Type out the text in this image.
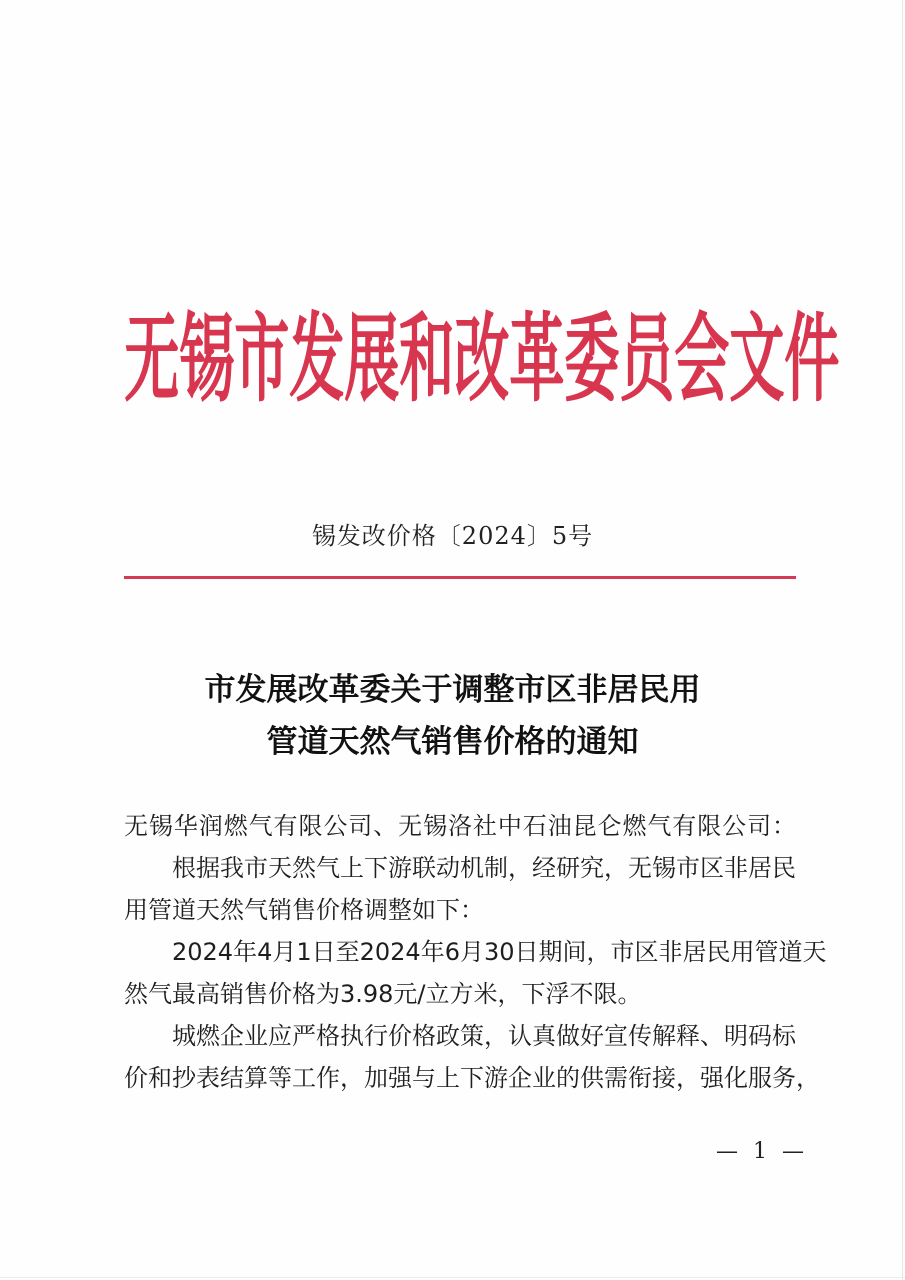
无 锡 市 发 展 和 改 革 委 员 会 文 件
锡发改价格〔2024〕5号
市发展改革委关于调整市区非居民用
管道天然气销售价格的通知
无锡华润燃气有限公司、无锡洛社中石油昆仑燃气有限公司：
根据我市天然气上下游联动机制，经研究，无锡市区非居民
用管道天然气销售价格调整如下：
2024年4月1日至2024年6月30日期间，市区非居民用管道天
然气最高销售价格为3.98元/立方米，下浮不限。
城燃企业应严格执行价格政策，认真做好宣传解释、明码标
价和抄表结算等工作，加强与上下游企业的供需衔接，强化服务，
— 1 —
